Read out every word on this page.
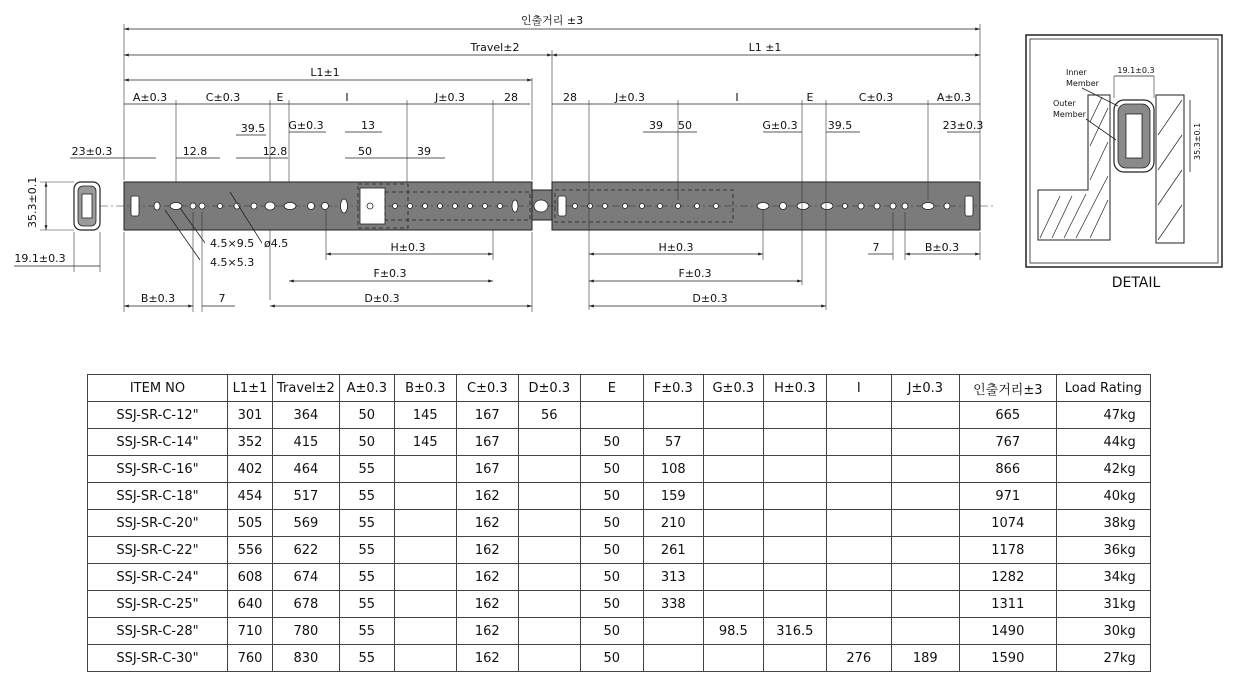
인출거리 ±3
Travel±2	L1 ±1
L1±1
A±0.3	C±0.3	E	I	J±0.3	28
G±0.3	13
39.5
12.8	12.8
23±0.3	50	39
28	J±0.3	I	E	C±0.3	A±0.3
39 50	G±0.3	39.5	23±0.3
4.5×9.5 ø4.5
4.5×5.3
H±0.3
F±0.3
B±0.3	7	D±0.3
H±0.3
F±0.3
D±0.3
7	B±0.3
35.3±0.1
19.1±0.3
19.1±0.3
35.3±0.1
Inner
Member
Outer
Member
DETAIL
ITEM NO	L1±1	Travel±2	A±0.3	B±0.3	C±0.3	D±0.3	E	F±0.3	G±0.3	H±0.3	I	J±0.3	인출거리±3	Load Rating
SSJ-SR-C-12"	301	364	50	145	167	56							665	47kg
SSJ-SR-C-14"	352	415	50	145	167		50	57					767	44kg
SSJ-SR-C-16"	402	464	55		167		50	108					866	42kg
SSJ-SR-C-18"	454	517	55		162		50	159					971	40kg
SSJ-SR-C-20"	505	569	55		162		50	210					1074	38kg
SSJ-SR-C-22"	556	622	55		162		50	261					1178	36kg
SSJ-SR-C-24"	608	674	55		162		50	313					1282	34kg
SSJ-SR-C-25"	640	678	55		162		50	338					1311	31kg
SSJ-SR-C-28"	710	780	55		162		50		98.5	316.5			1490	30kg
SSJ-SR-C-30"	760	830	55		162		50				276	189	1590	27kg
